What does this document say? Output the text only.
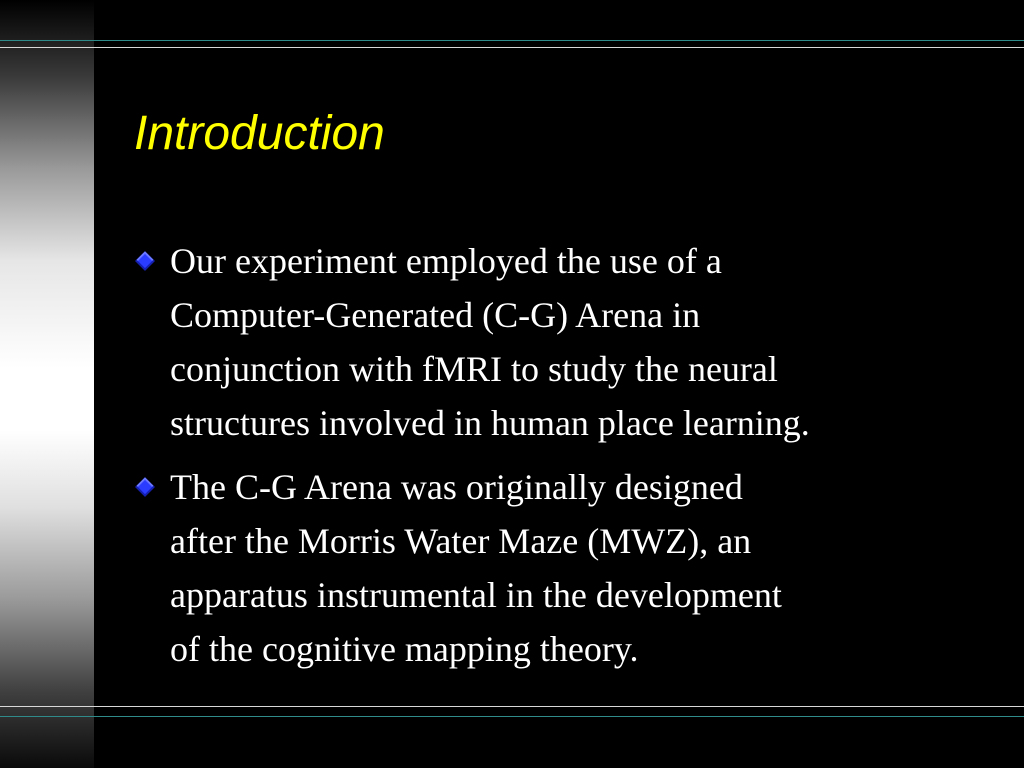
Introduction
Our experiment employed the use of a
Computer-Generated (C-G) Arena in
conjunction with fMRI to study the neural
structures involved in human place learning.
The C-G Arena was originally designed
after the Morris Water Maze (MWZ), an
apparatus instrumental in the development
of the cognitive mapping theory.
